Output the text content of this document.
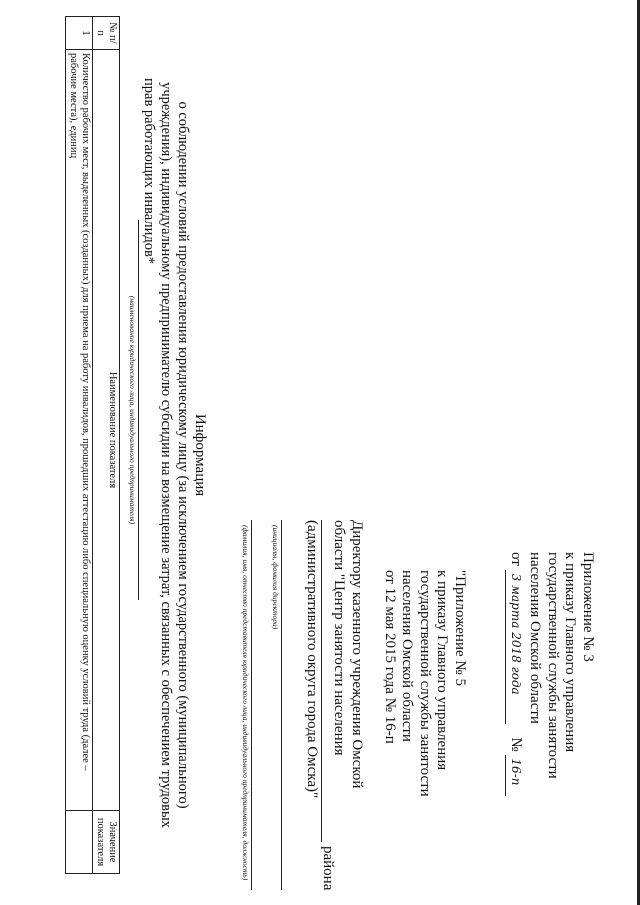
Приложение № 3
к приказу Главного управления
государственной службы занятости
населения Омской области
от 3 марта 2018 года № 16-п
"Приложение № 5
к приказу Главного управления
государственной службы занятости
населения Омской области
от 12 мая 2015 года № 16-п
Директору казенного учреждения Омской
области "Центр занятости населения
района
(административного округа города Омска)"
(инициалы, фамилия директора)
(фамилия, имя, отчество представителя юридического лица, индивидуального предпринимателя, должность)
Информация
о соблюдении условий предоставления юридическому лицу (за исключением государственного (муниципального)
учреждения), индивидуальному предпринимателю субсидии на возмещение затрат, связанных с обеспечением трудовых
прав работающих инвалидов*
(наименование юридического лица, индивидуального предпринимателя)
№ п/п	Наименование показателя	Значение показателя
1	Количество рабочих мест, выделенных (созданных) для приема на работу инвалидов, прошедших аттестацию либо специальную оценку условий труда (далее – рабочие места), единиц	
